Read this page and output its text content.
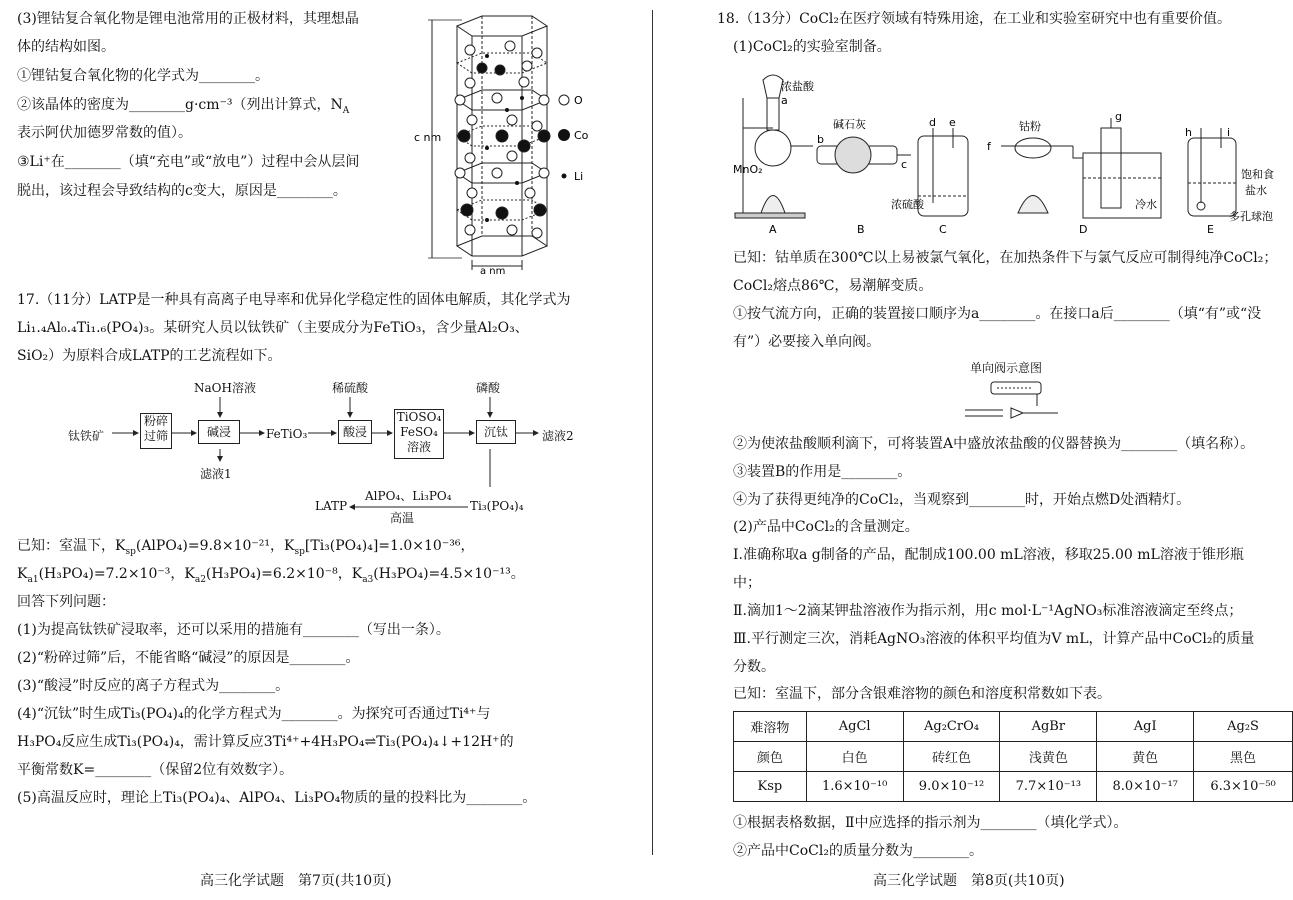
(3)锂钴复合氧化物是锂电池常用的正极材料，其理想晶
体的结构如图。
①锂钴复合氧化物的化学式为________。
②该晶体的密度为________g·cm⁻³（列出计算式，$N_A$
表示阿伏加德罗常数的值）。
③Li⁺在________（填“充电”或“放电”）过程中会从层间
脱出，该过程会导致结构的c变大，原因是________。
c nm
a nm
O
Co
Li
17.（11分）LATP是一种具有高离子电导率和优异化学稳定性的固体电解质，其化学式为
Li₁.₄Al₀.₄Ti₁.₆(PO₄)₃。某研究人员以钛铁矿（主要成分为FeTiO₃，含少量Al₂O₃、
SiO₂）为原料合成LATP的工艺流程如下。
钛铁矿
粉碎
过筛
NaOH溶液
碱浸
滤液1
FeTiO₃
稀硫酸
酸浸
TiOSO₄
FeSO₄
溶液
磷酸
沉钛	滤液2
Ti₃(PO₄)₄
AlPO₄、Li₃PO₄
高温
LATP
已知：室温下，$K_{sp}(AlPO_4)=9.8\times 10^{-21}$，$K_{sp}[Ti_3(PO_4)_4]=1.0\times 10^{-36}$，
$K_{a1}(H_3PO_4)=7.2\times 10^{-3}$，$K_{a2}(H_3PO_4)=6.2\times 10^{-8}$，$K_{a3}(H_3PO_4)=4.5\times 10^{-13}$。
回答下列问题：
(1)为提高钛铁矿浸取率，还可以采用的措施有________（写出一条）。
(2)“粉碎过筛”后，不能省略“碱浸”的原因是________。
(3)“酸浸”时反应的离子方程式为________。
(4)“沉钛”时生成Ti₃(PO₄)₄的化学方程式为________。为探究可否通过Ti⁴⁺与
H₃PO₄反应生成Ti₃(PO₄)₄，需计算反应3Ti⁴⁺+4H₃PO₄⇌Ti₃(PO₄)₄↓+12H⁺的
平衡常数K=________（保留2位有效数字）。
(5)高温反应时，理论上Ti₃(PO₄)₄、AlPO₄、Li₃PO₄物质的量的投料比为________。
高三化学试题　第7页(共10页)
18.（13分）CoCl₂在医疗领域有特殊用途，在工业和实验室研究中也有重要价值。
(1)CoCl₂的实验室制备。
浓盐酸
a
MnO₂
b
碱石灰
c
d e
浓硫酸
f
钴粉
g
冷水
h	i
饱和食
盐水
多孔球泡
A	B	C	D	E
已知：钴单质在300℃以上易被氯气氧化，在加热条件下与氯气反应可制得纯净CoCl₂；
CoCl₂熔点86℃，易潮解变质。
①按气流方向，正确的装置接口顺序为a________。在接口a后________（填“有”或“没
有”）必要接入单向阀。
单向阀示意图
②为使浓盐酸顺利滴下，可将装置A中盛放浓盐酸的仪器替换为________（填名称）。
③装置B的作用是________。
④为了获得更纯净的CoCl₂，当观察到________时，开始点燃D处酒精灯。
(2)产品中CoCl₂的含量测定。
Ⅰ.准确称取a g制备的产品，配制成100.00 mL溶液，移取25.00 mL溶液于锥形瓶
中；
Ⅱ.滴加1～2滴某钾盐溶液作为指示剂，用c mol·L⁻¹AgNO₃标准溶液滴定至终点；
Ⅲ.平行测定三次，消耗AgNO₃溶液的体积平均值为V mL，计算产品中CoCl₂的质量
分数。
已知：室温下，部分含银难溶物的颜色和溶度积常数如下表。
①根据表格数据，Ⅱ中应选择的指示剂为________（填化学式）。
②产品中CoCl₂的质量分数为________。
高三化学试题　第8页(共10页)
难溶物	AgCl	Ag₂CrO₄	AgBr	AgI	Ag₂S
颜色	白色	砖红色	浅黄色	黄色	黑色
Ksp	1.6×10⁻¹⁰	9.0×10⁻¹²	7.7×10⁻¹³	8.0×10⁻¹⁷	6.3×10⁻⁵⁰
